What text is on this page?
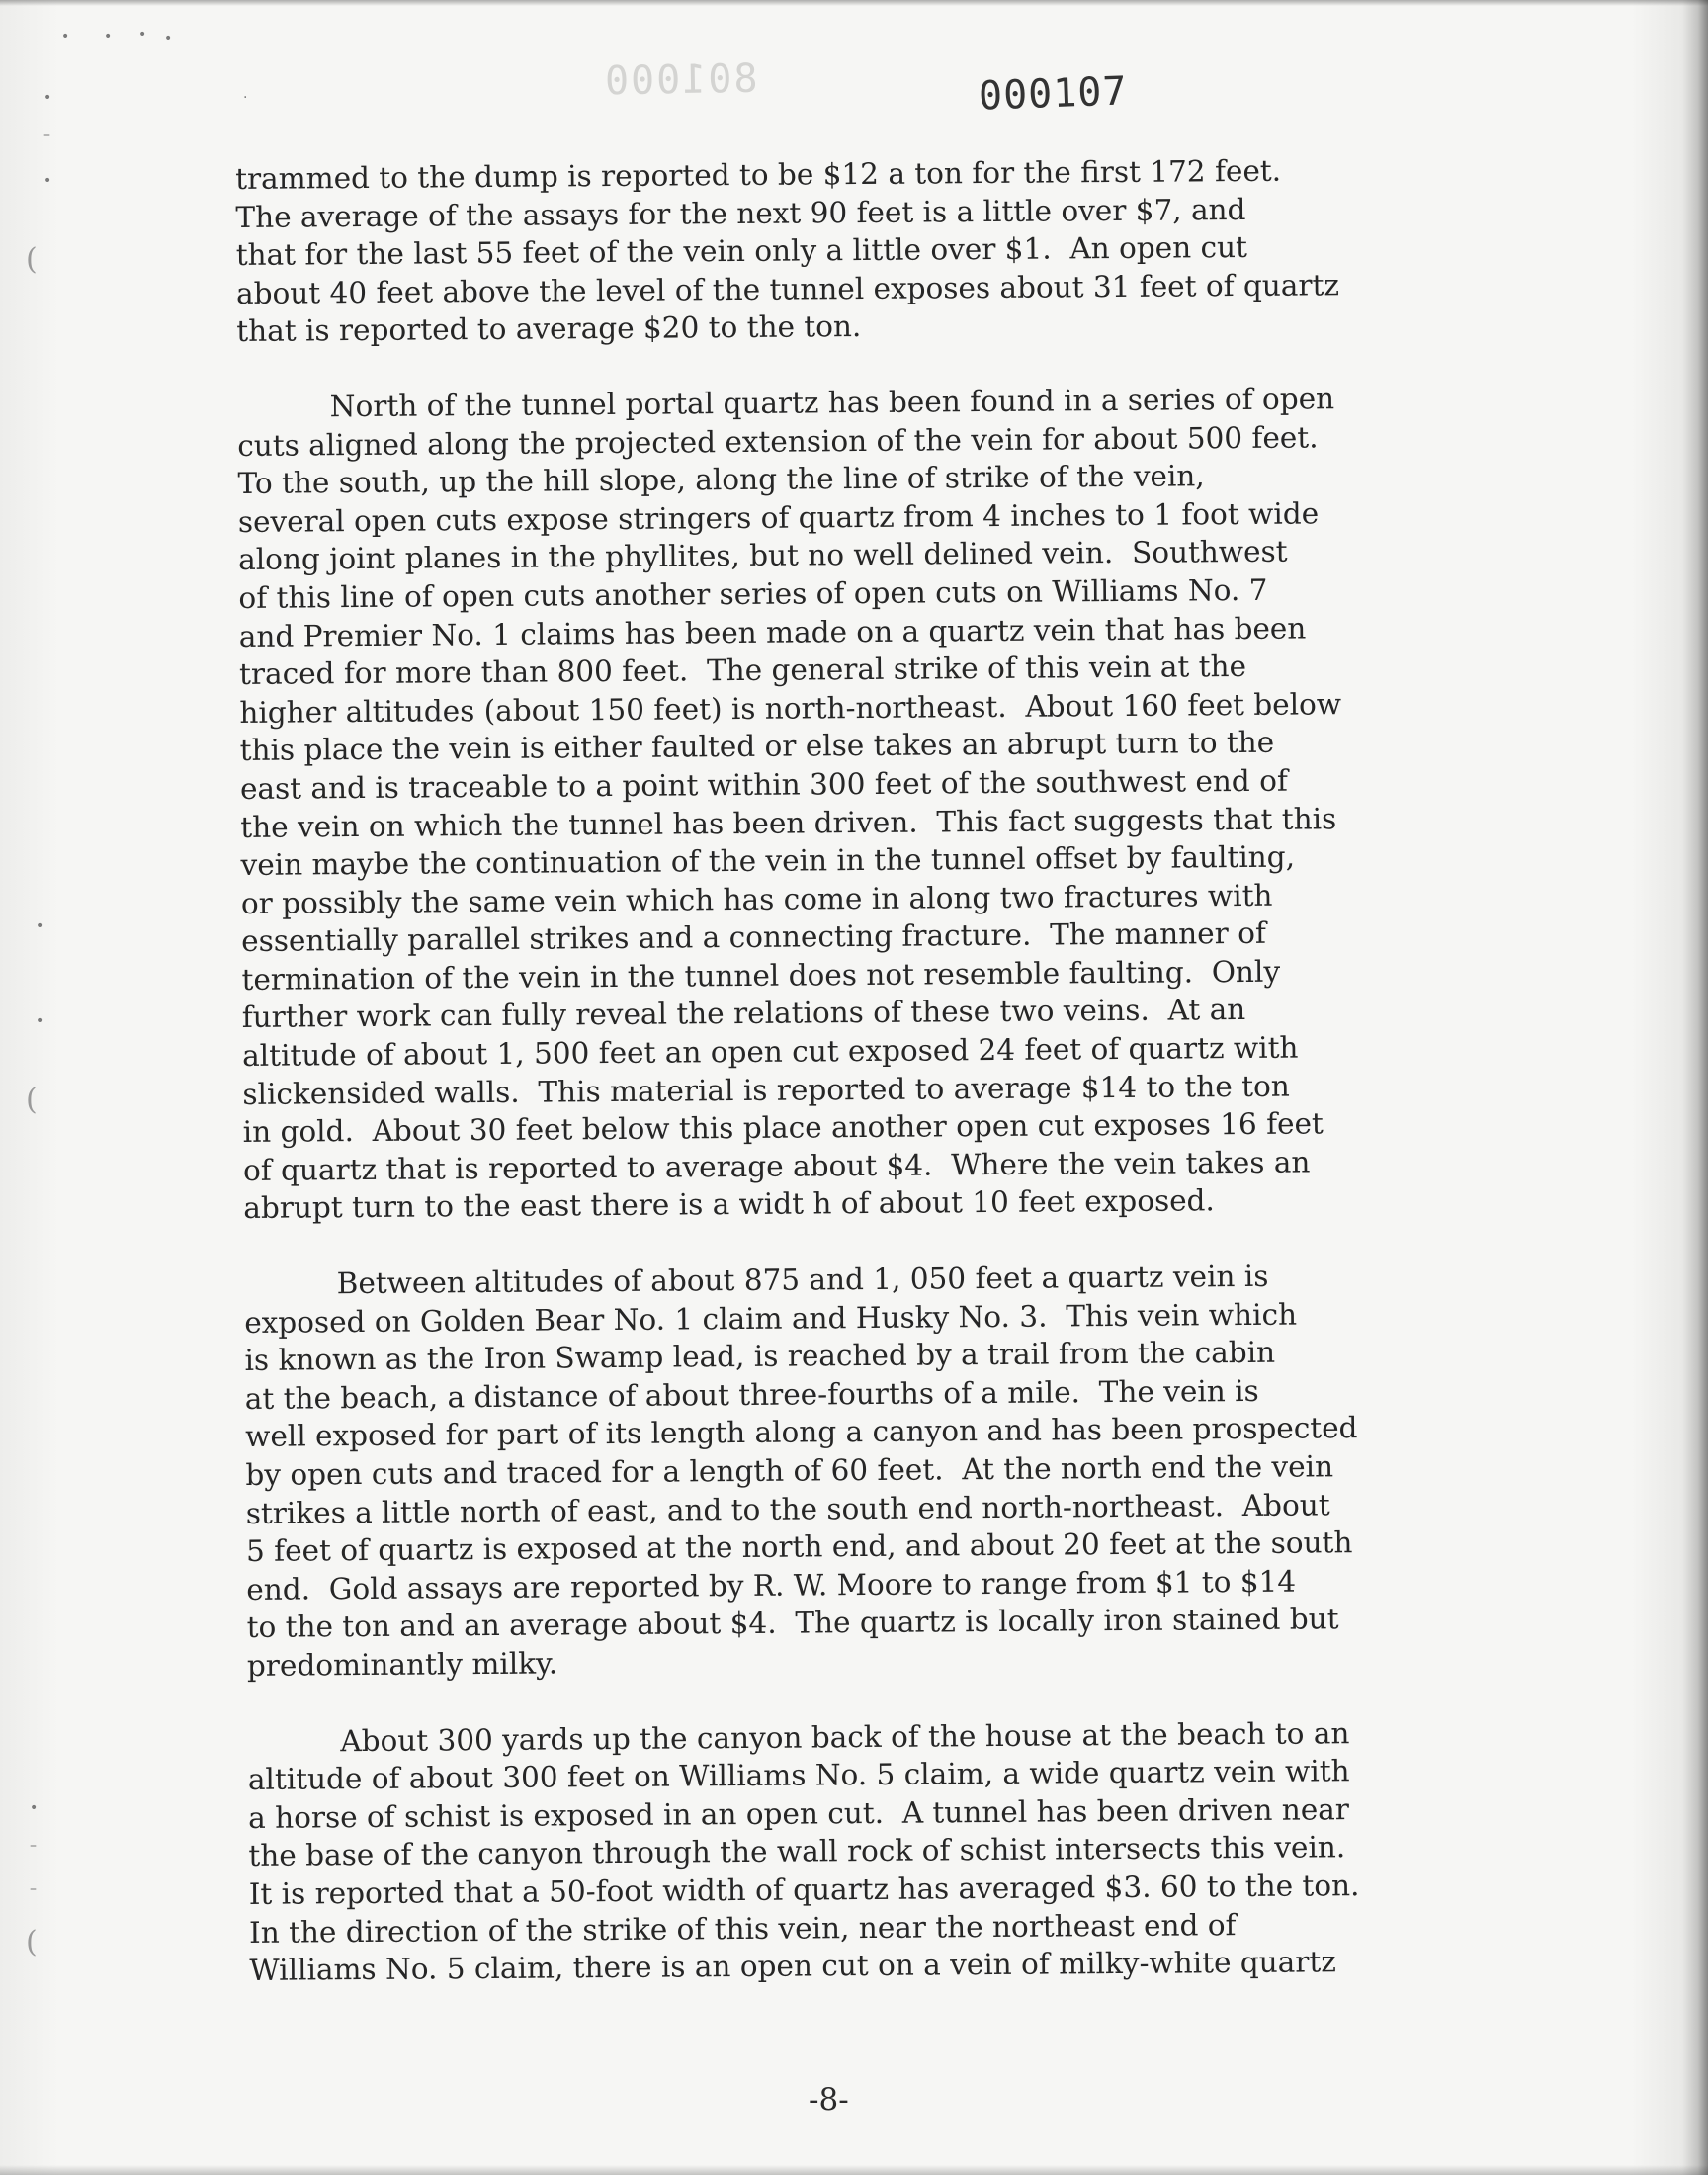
• • • •
•
–
•
·
(
•
•
(
•
–
–
(
801000	000107
trammed to the dump is reported to be $12 a ton for the first 172 feet.
The average of the assays for the next 90 feet is a little over $7, and
that for the last 55 feet of the vein only a little over $1.  An open cut
about 40 feet above the level of the tunnel exposes about 31 feet of quartz
that is reported to average $20 to the ton.
North of the tunnel portal quartz has been found in a series of open
cuts aligned along the projected extension of the vein for about 500 feet.
To the south, up the hill slope, along the line of strike of the vein,
several open cuts expose stringers of quartz from 4 inches to 1 foot wide
along joint planes in the phyllites, but no well delined vein.  Southwest
of this line of open cuts another series of open cuts on Williams No. 7
and Premier No. 1 claims has been made on a quartz vein that has been
traced for more than 800 feet.  The general strike of this vein at the
higher altitudes (about 150 feet) is north-northeast.  About 160 feet below
this place the vein is either faulted or else takes an abrupt turn to the
east and is traceable to a point within 300 feet of the southwest end of
the vein on which the tunnel has been driven.  This fact suggests that this
vein maybe the continuation of the vein in the tunnel offset by faulting,
or possibly the same vein which has come in along two fractures with
essentially parallel strikes and a connecting fracture.  The manner of
termination of the vein in the tunnel does not resemble faulting.  Only
further work can fully reveal the relations of these two veins.  At an
altitude of about 1, 500 feet an open cut exposed 24 feet of quartz with
slickensided walls.  This material is reported to average $14 to the ton
in gold.  About 30 feet below this place another open cut exposes 16 feet
of quartz that is reported to average about $4.  Where the vein takes an
abrupt turn to the east there is a widt h of about 10 feet exposed.
Between altitudes of about 875 and 1, 050 feet a quartz vein is
exposed on Golden Bear No. 1 claim and Husky No. 3.  This vein which
is known as the Iron Swamp lead, is reached by a trail from the cabin
at the beach, a distance of about three-fourths of a mile.  The vein is
well exposed for part of its length along a canyon and has been prospected
by open cuts and traced for a length of 60 feet.  At the north end the vein
strikes a little north of east, and to the south end north-northeast.  About
5 feet of quartz is exposed at the north end, and about 20 feet at the south
end.  Gold assays are reported by R. W. Moore to range from $1 to $14
to the ton and an average about $4.  The quartz is locally iron stained but
predominantly milky.
About 300 yards up the canyon back of the house at the beach to an
altitude of about 300 feet on Williams No. 5 claim, a wide quartz vein with
a horse of schist is exposed in an open cut.  A tunnel has been driven near
the base of the canyon through the wall rock of schist intersects this vein.
It is reported that a 50-foot width of quartz has averaged $3. 60 to the ton.
In the direction of the strike of this vein, near the northeast end of
Williams No. 5 claim, there is an open cut on a vein of milky-white quartz
-8-
